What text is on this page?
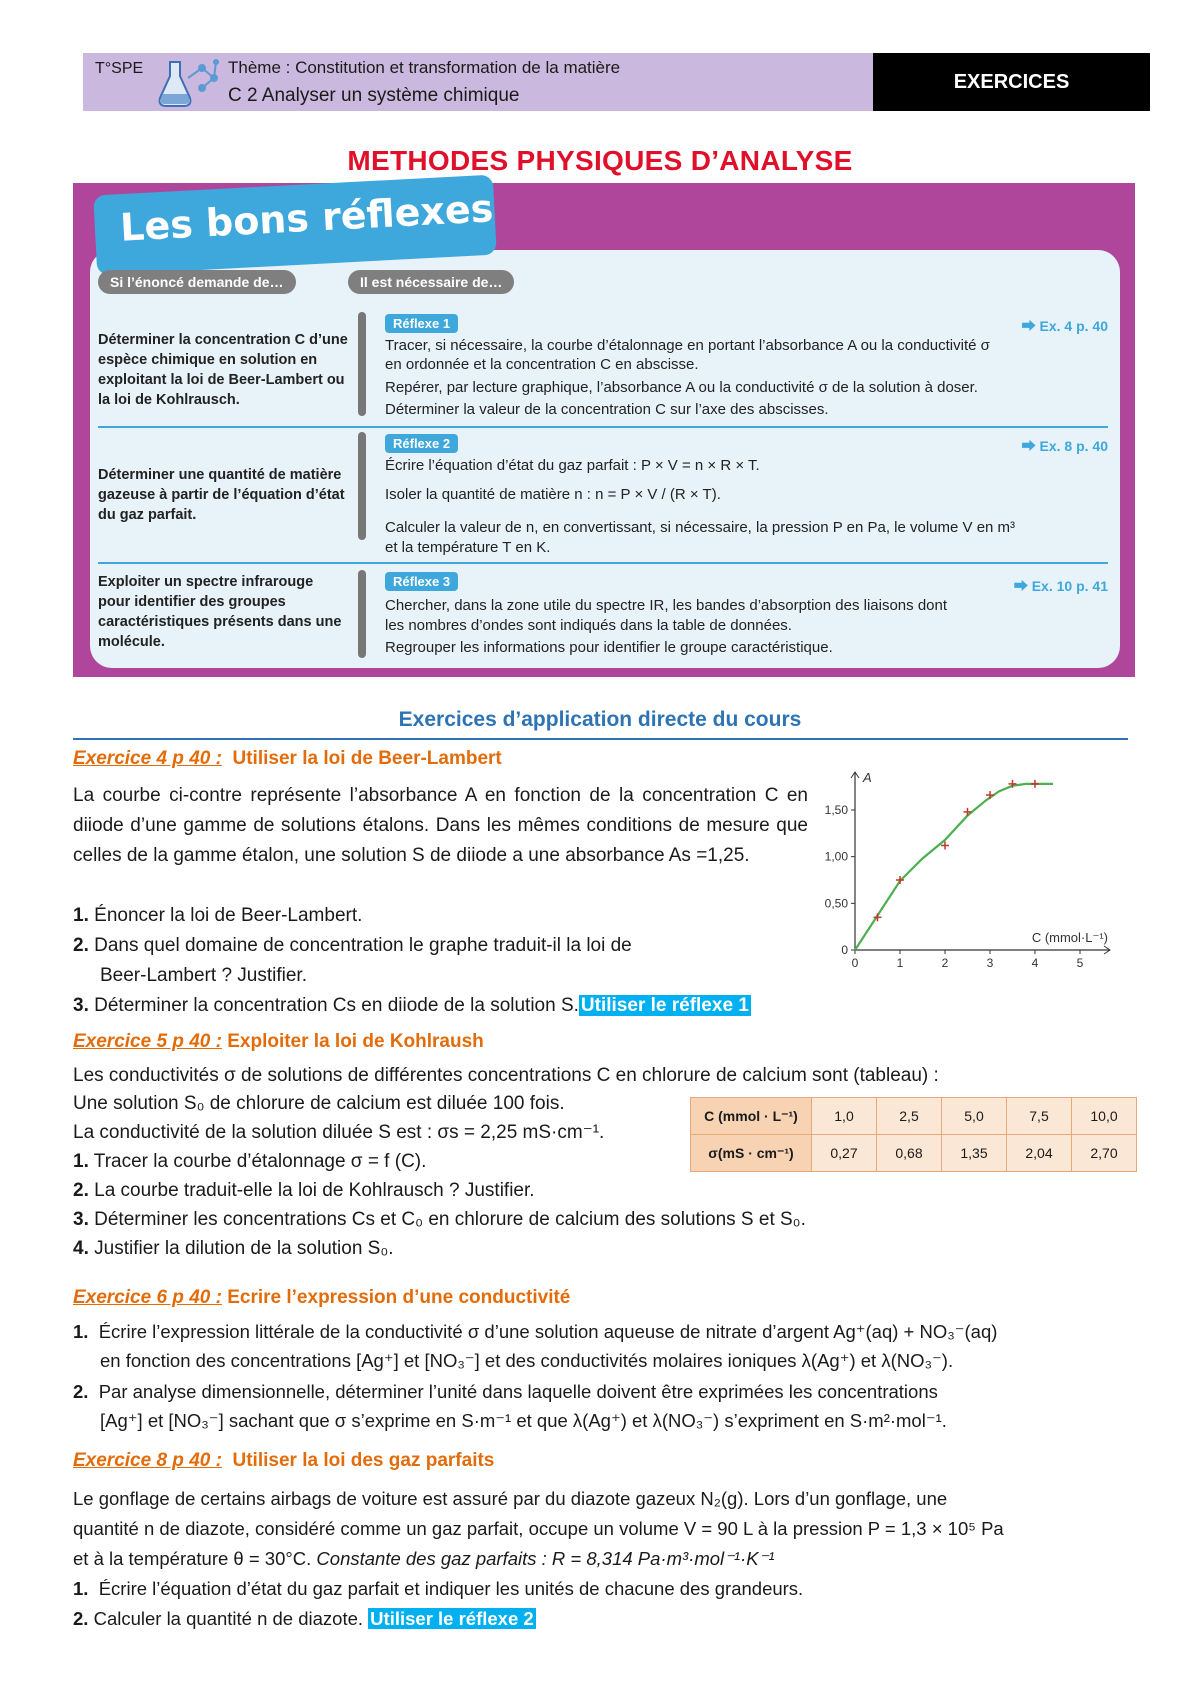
EXERCICES
T°SPE	Thème : Constitution et transformation de la matière
C 2 Analyser un système chimique
METHODES PHYSIQUES D’ANALYSE
Les bons réflexes
Si l’énoncé demande de…	Il est nécessaire de…
Déterminer la concentration C d’une espèce chimique en solution en exploitant la loi de Beer-Lambert ou la loi de Kohlrausch.
Réflexe 1	⮕ Ex. 4 p. 40
Tracer, si nécessaire, la courbe d’étalonnage en portant l’absorbance A ou la conductivité σ
en ordonnée et la concentration C en abscisse.
Repérer, par lecture graphique, l’absorbance A ou la conductivité σ de la solution à doser.
Déterminer la valeur de la concentration C sur l’axe des abscisses.
Déterminer une quantité de matière gazeuse à partir de l’équation d’état du gaz parfait.
Réflexe 2	⮕ Ex. 8 p. 40
Écrire l’équation d’état du gaz parfait : P × V = n × R × T.
Isoler la quantité de matière n : n = P × V / (R × T).
Calculer la valeur de n, en convertissant, si nécessaire, la pression P en Pa, le volume V en m³
et la température T en K.
Exploiter un spectre infrarouge pour identifier des groupes caractéristiques présents dans une molécule.
Réflexe 3	⮕ Ex. 10 p. 41
Chercher, dans la zone utile du spectre IR, les bandes d’absorption des liaisons dont
les nombres d’ondes sont indiqués dans la table de données.
Regrouper les informations pour identifier le groupe caractéristique.
Exercices d’application directe du cours
Exercice 4 p 40 : Utiliser la loi de Beer-Lambert
La courbe ci-contre représente l’absorbance A en fonction de la concentration C en diiode d’une gamme de solutions étalons. Dans les mêmes conditions de mesure que celles de la gamme étalon, une solution S de diiode a une absorbance As =1,25.
1. Énoncer la loi de Beer-Lambert.
2. Dans quel domaine de concentration le graphe traduit-il la loi de
Beer-Lambert ? Justifier.
3. Déterminer la concentration Cs en diiode de la solution S. Utiliser le réflexe 1
0	1	2	3	4	5
0
0,50
1,00
1,50
A
C (mmol·L⁻¹)
Exercice 5 p 40 : Exploiter la loi de Kohlraush
Les conductivités σ de solutions de différentes concentrations C en chlorure de calcium sont (tableau) :
Une solution S₀ de chlorure de calcium est diluée 100 fois.
La conductivité de la solution diluée S est : σs = 2,25 mS·cm⁻¹.
1. Tracer la courbe d’étalonnage σ = f (C).
2. La courbe traduit-elle la loi de Kohlrausch ? Justifier.
3. Déterminer les concentrations Cs et C₀ en chlorure de calcium des solutions S et S₀.
4. Justifier la dilution de la solution S₀.
C (mmol · L⁻¹)	1,0	2,5	5,0	7,5	10,0
σ(mS · cm⁻¹)	0,27	0,68	1,35	2,04	2,70
Exercice 6 p 40 : Ecrire l’expression d’une conductivité
1. Écrire l’expression littérale de la conductivité σ d’une solution aqueuse de nitrate d’argent Ag⁺(aq) + NO₃⁻(aq)
en fonction des concentrations [Ag⁺] et [NO₃⁻] et des conductivités molaires ioniques λ(Ag⁺) et λ(NO₃⁻).
2. Par analyse dimensionnelle, déterminer l’unité dans laquelle doivent être exprimées les concentrations
[Ag⁺] et [NO₃⁻] sachant que σ s’exprime en S·m⁻¹ et que λ(Ag⁺) et λ(NO₃⁻) s’expriment en S·m²·mol⁻¹.
Exercice 8 p 40 : Utiliser la loi des gaz parfaits
Le gonflage de certains airbags de voiture est assuré par du diazote gazeux N₂(g). Lors d’un gonflage, une
quantité n de diazote, considéré comme un gaz parfait, occupe un volume V = 90 L à la pression P = 1,3 × 10⁵ Pa
et à la température θ = 30°C. Constante des gaz parfaits : R = 8,314 Pa·m³·mol⁻¹·K⁻¹
1. Écrire l’équation d’état du gaz parfait et indiquer les unités de chacune des grandeurs.
2. Calculer la quantité n de diazote. Utiliser le réflexe 2
